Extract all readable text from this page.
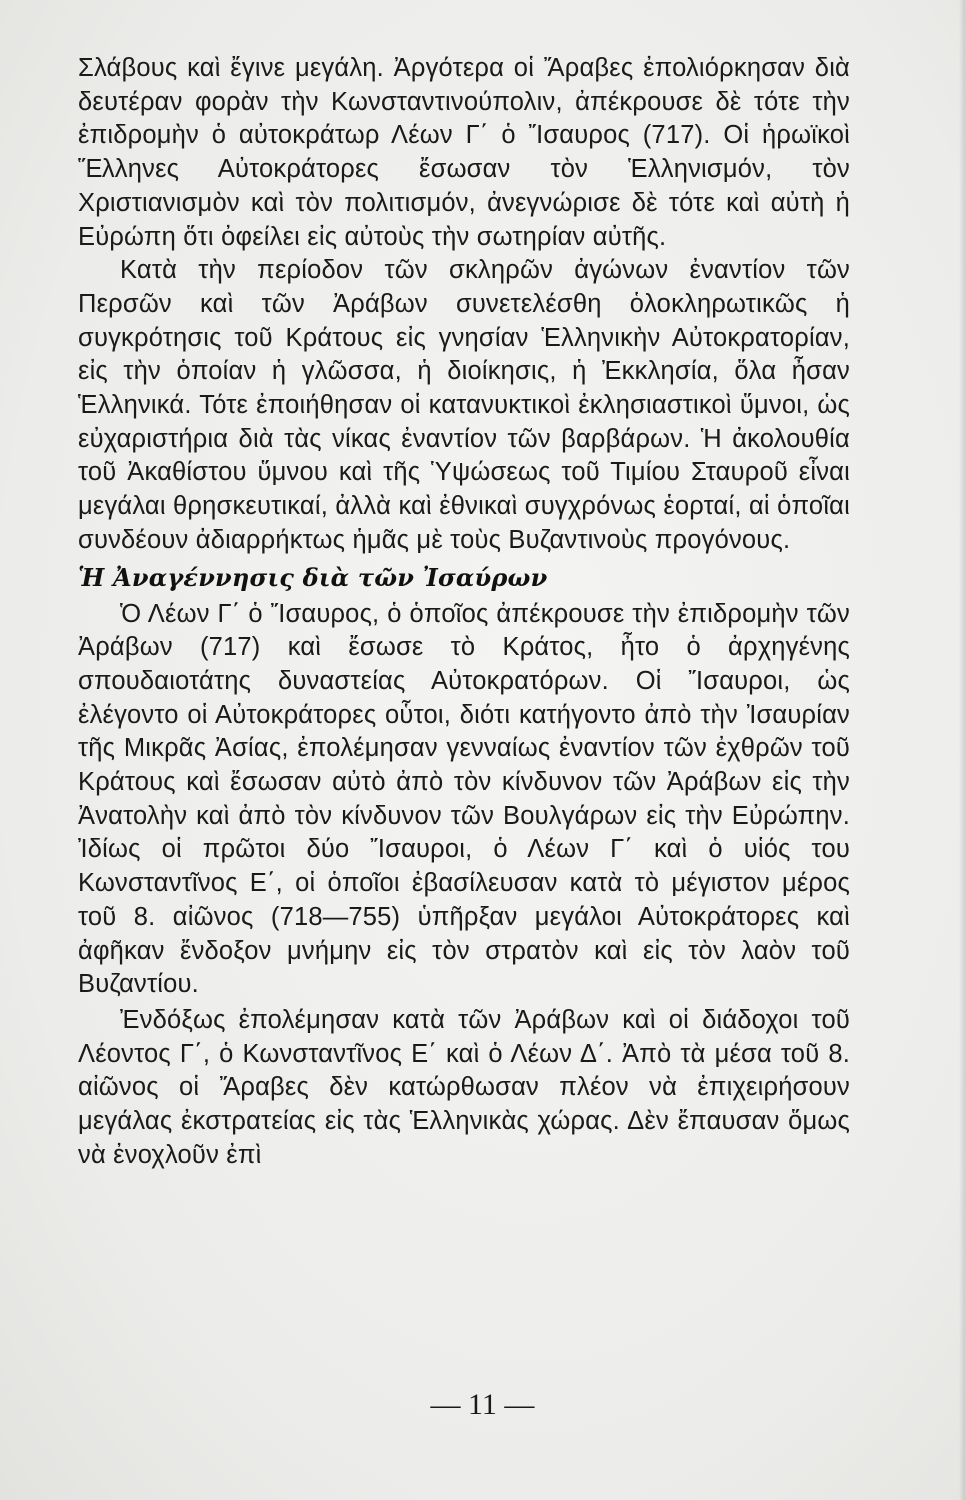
Σλάβους καὶ ἔγινε μεγάλη. Ἀργότερα οἱ Ἄραβες ἐπολιόρκησαν διὰ δευτέραν φορὰν τὴν Κωνσταντινούπολιν, ἀπέκρουσε δὲ τότε τὴν ἐπιδρομὴν ὁ αὐτοκράτωρ Λέων Γ΄ ὁ Ἴσαυρος (717). Οἱ ἡρωϊκοὶ Ἕλληνες Αὐτοκράτορες ἔσωσαν τὸν Ἑλληνισμόν, τὸν Χριστιανισμὸν καὶ τὸν πολιτισμόν, ἀνεγνώρισε δὲ τότε καὶ αὐτὴ ἡ Εὐρώπη ὅτι ὀφείλει εἰς αὐτοὺς τὴν σωτηρίαν αὐτῆς.

Κατὰ τὴν περίοδον τῶν σκληρῶν ἀγώνων ἐναντίον τῶν Περσῶν καὶ τῶν Ἀράβων συνετελέσθη ὁλοκληρωτικῶς ἡ συγκρότησις τοῦ Κράτους εἰς γνησίαν Ἑλληνικὴν Αὐτοκρατορίαν, εἰς τὴν ὁποίαν ἡ γλῶσσα, ἡ διοίκησις, ἡ Ἐκκλησία, ὅλα ἦσαν Ἑλληνικά. Τότε ἐποιήθησαν οἱ κατανυκτικοὶ ἐκλησιαστικοὶ ὕμνοι, ὡς εὐχαριστήρια διὰ τὰς νίκας ἐναντίον τῶν βαρβάρων. Ἡ ἀκολουθία τοῦ Ἀκαθίστου ὕμνου καὶ τῆς Ὑψώσεως τοῦ Τιμίου Σταυροῦ εἶναι μεγάλαι θρησκευτικαί, ἀλλὰ καὶ ἐθνικαὶ συγχρόνως ἑορταί, αἱ ὁποῖαι συνδέουν ἀδιαρρήκτως ἡμᾶς μὲ τοὺς Βυζαντινοὺς προγόνους.

Ἡ Ἀναγέννησις διὰ τῶν Ἰσαύρων

Ὁ Λέων Γ΄ ὁ Ἴσαυρος, ὁ ὁποῖος ἀπέκρουσε τὴν ἐπιδρομὴν τῶν Ἀράβων (717) καὶ ἔσωσε τὸ Κράτος, ἦτο ὁ ἀρχηγένης σπουδαιοτάτης δυναστείας Αὐτοκρατόρων. Οἱ Ἴσαυροι, ὡς ἐλέγοντο οἱ Αὐτοκράτορες οὗτοι, διότι κατήγοντο ἀπὸ τὴν Ἰσαυρίαν τῆς Μικρᾶς Ἀσίας, ἐπολέμησαν γενναίως ἐναντίον τῶν ἐχθρῶν τοῦ Κράτους καὶ ἔσωσαν αὐτὸ ἀπὸ τὸν κίνδυνον τῶν Ἀράβων εἰς τὴν Ἀνατολὴν καὶ ἀπὸ τὸν κίνδυνον τῶν Βουλγάρων εἰς τὴν Εὐρώπην. Ἰδίως οἱ πρῶτοι δύο Ἴσαυροι, ὁ Λέων Γ΄ καὶ ὁ υἱός του Κωνσταντῖνος Ε΄, οἱ ὁποῖοι ἐβασίλευσαν κατὰ τὸ μέγιστον μέρος τοῦ 8. αἰῶνος (718—755) ὑπῆρξαν μεγάλοι Αὐτοκράτορες καὶ ἀφῆκαν ἔνδοξον μνήμην εἰς τὸν στρατὸν καὶ εἰς τὸν λαὸν τοῦ Βυζαντίου.

Ἐνδόξως ἐπολέμησαν κατὰ τῶν Ἀράβων καὶ οἱ διάδοχοι τοῦ Λέοντος Γ΄, ὁ Κωνσταντῖνος Ε΄ καὶ ὁ Λέων Δ΄. Ἀπὸ τὰ μέσα τοῦ 8. αἰῶνος οἱ Ἄραβες δὲν κατώρθωσαν πλέον νὰ ἐπιχειρήσουν μεγάλας ἐκστρατείας εἰς τὰς Ἑλληνικὰς χώρας. Δὲν ἔπαυσαν ὅμως νὰ ἐνοχλοῦν ἐπὶ

— 11 —
